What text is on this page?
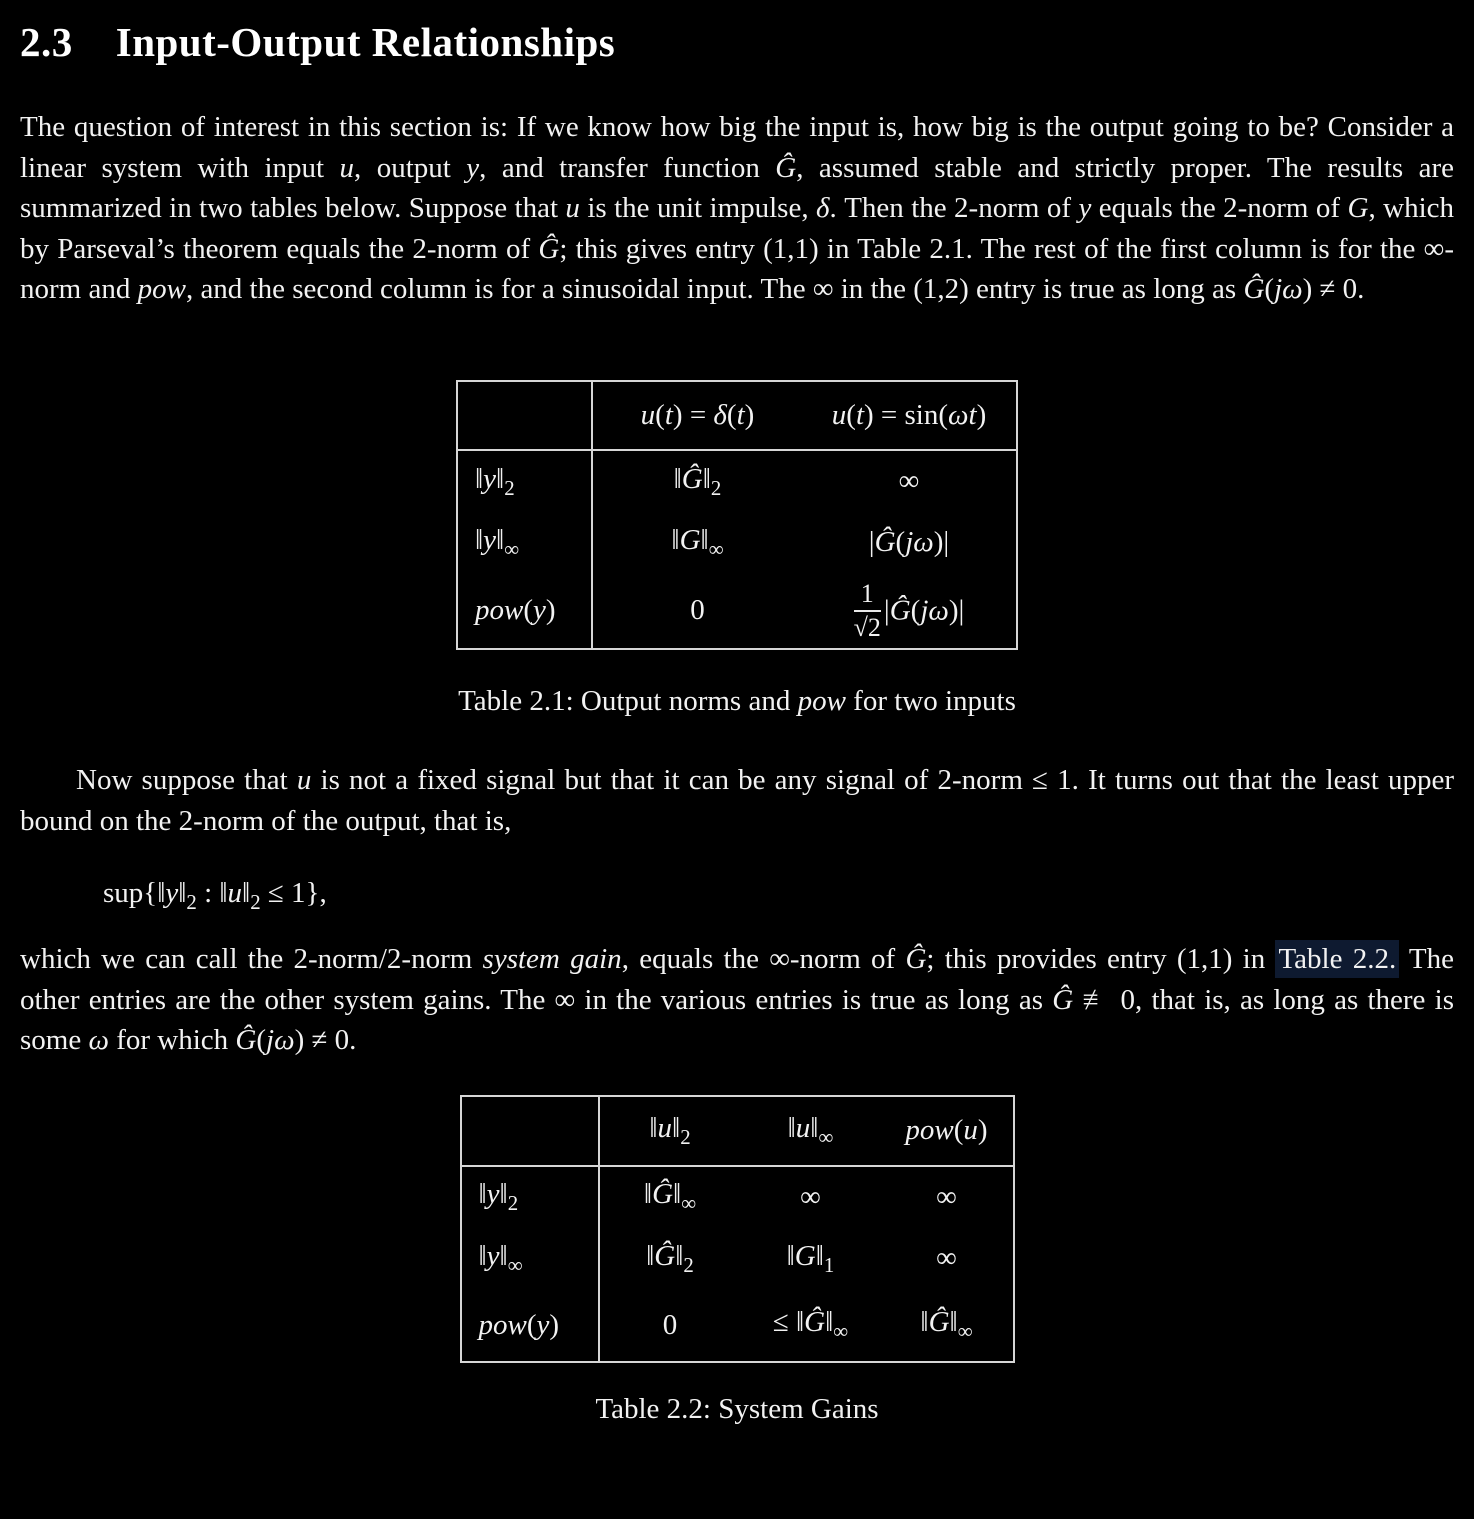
2.3 Input-Output Relationships

The question of interest in this section is: If we know how big the input is, how big is the output going to be? Consider a linear system with input u, output y, and transfer function Ĝ, assumed stable and strictly proper. The results are summarized in two tables below. Suppose that u is the unit impulse, δ. Then the 2-norm of y equals the 2-norm of G, which by Parseval’s theorem equals the 2-norm of Ĝ; this gives entry (1,1) in Table 2.1. The rest of the first column is for the ∞-norm and pow, and the second column is for a sinusoidal input. The ∞ in the (1,2) entry is true as long as Ĝ(jω) ≠ 0.

	u(t) = δ(t)	u(t) = sin(ωt)
$‖y‖_2$	$‖Ĝ‖_2$	∞
$‖y‖_\infty$	$‖G‖_\infty$	|Ĝ(jω)|
pow(y)	0	$\frac{1}{√2}$ |Ĝ(jω)|

Table 2.1: Output norms and pow for two inputs

Now suppose that u is not a fixed signal but that it can be any signal of 2-norm ≤ 1. It turns out that the least upper bound on the 2-norm of the output, that is,

$sup\{‖y‖_2$ : $‖u‖_2 \le 1$},

which we can call the 2-norm/2-norm system gain, equals the ∞-norm of Ĝ; this provides entry (1,1) in Table 2.2. The other entries are the other system gains. The ∞ in the various entries is true as long as Ĝ ≢ 0, that is, as long as there is some ω for which Ĝ(jω) ≠ 0.

	$‖u‖_2$	$‖u‖_\infty$	pow(u)
$‖y‖_2$	$‖Ĝ‖_\infty$	∞	∞
$‖y‖_\infty$	$‖Ĝ‖_2$	$‖G‖_1$	∞
pow(y)	0	≤ $‖Ĝ‖_\infty$	$‖Ĝ‖_\infty$

Table 2.2: System Gains
